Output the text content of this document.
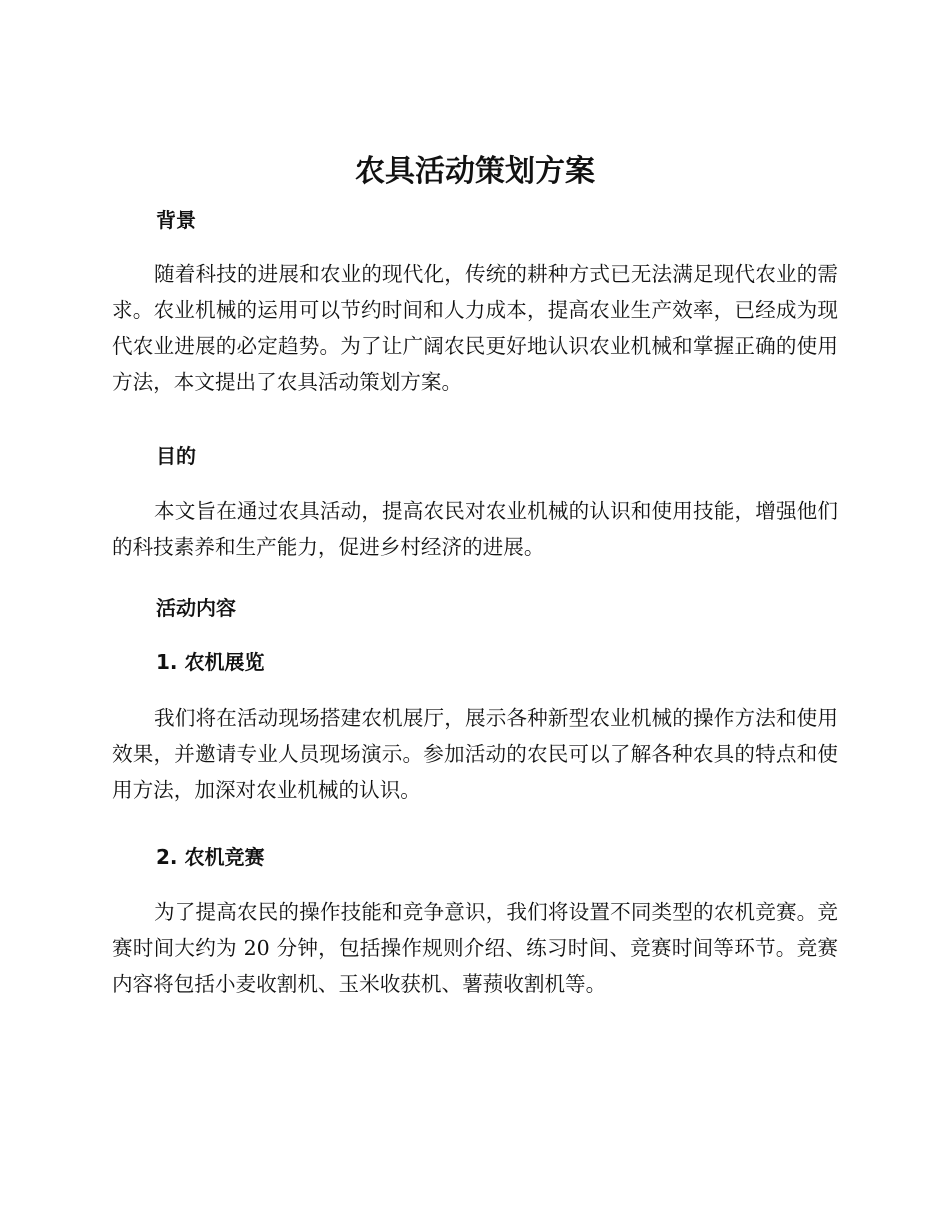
农具活动策划方案
背景

随着科技的进展和农业的现代化，传统的耕种方式已无法满足现代农业的需求。农业机械的运用可以节约时间和人力成本，提高农业生产效率，已经成为现代农业进展的必定趋势。为了让广阔农民更好地认识农业机械和掌握正确的使用方法，本文提出了农具活动策划方案。

目的

本文旨在通过农具活动，提高农民对农业机械的认识和使用技能，增强他们的科技素养和生产能力，促进乡村经济的进展。

活动内容
1. 农机展览

我们将在活动现场搭建农机展厅，展示各种新型农业机械的操作方法和使用效果，并邀请专业人员现场演示。参加活动的农民可以了解各种农具的特点和使用方法，加深对农业机械的认识。

2. 农机竞赛

为了提高农民的操作技能和竞争意识，我们将设置不同类型的农机竞赛。竞赛时间大约为 20 分钟，包括操作规则介绍、练习时间、竞赛时间等环节。竞赛内容将包括小麦收割机、玉米收获机、薯蓣收割机等。
